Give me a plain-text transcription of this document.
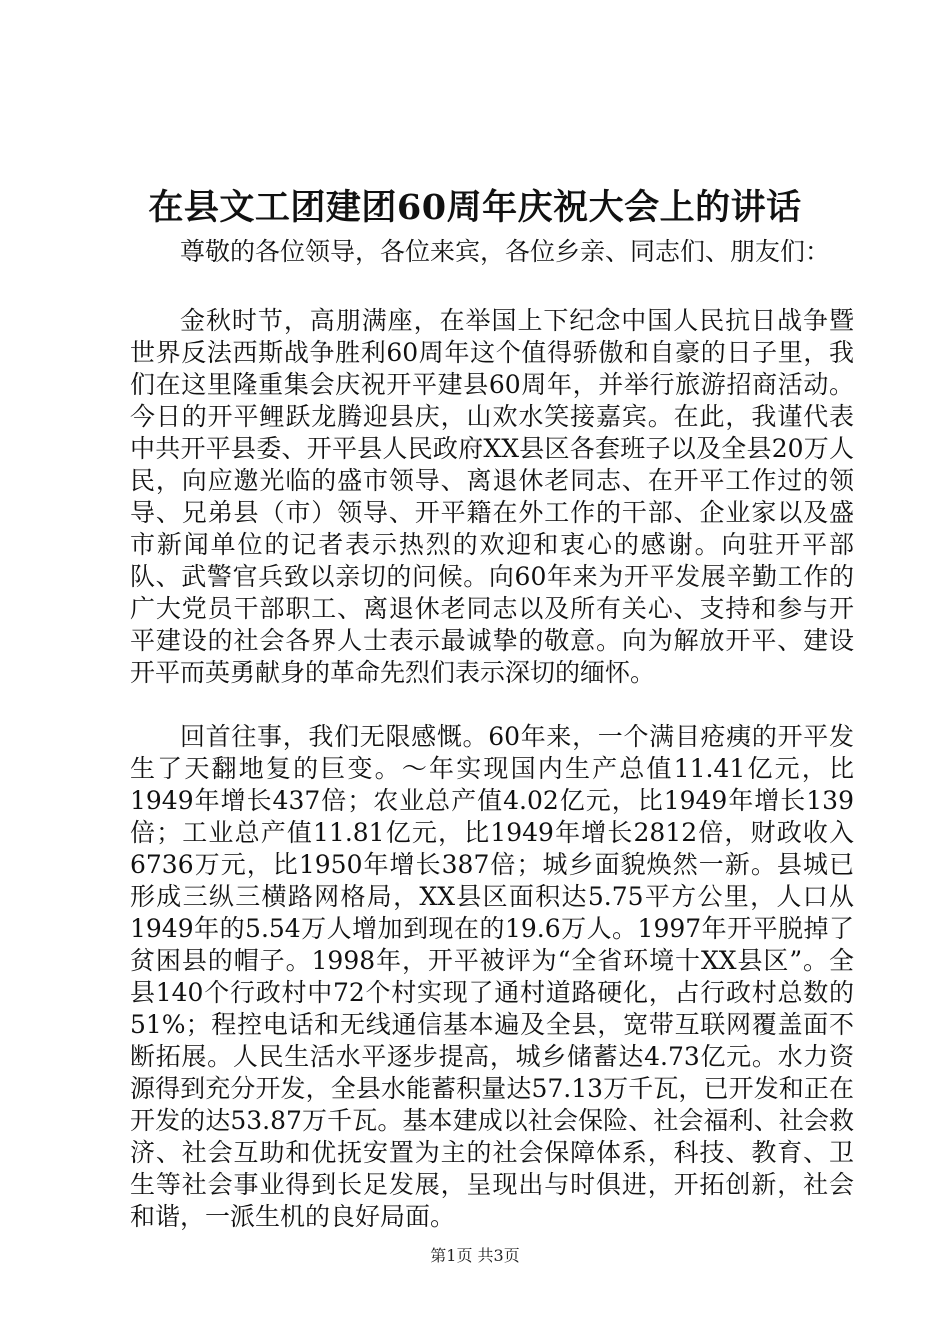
在县文工团建团60周年庆祝大会上的讲话

尊敬的各位领导，各位来宾，各位乡亲、同志们、朋友们：

金秋时节，高朋满座，在举国上下纪念中国人民抗日战争暨世界反法西斯战争胜利60周年这个值得骄傲和自豪的日子里，我们在这里隆重集会庆祝开平建县60周年，并举行旅游招商活动。今日的开平鲤跃龙腾迎县庆，山欢水笑接嘉宾。在此，我谨代表中共开平县委、开平县人民政府XX县区各套班子以及全县20万人民，向应邀光临的盛市领导、离退休老同志、在开平工作过的领导、兄弟县（市）领导、开平籍在外工作的干部、企业家以及盛市新闻单位的记者表示热烈的欢迎和衷心的感谢。向驻开平部队、武警官兵致以亲切的问候。向60年来为开平发展辛勤工作的广大党员干部职工、离退休老同志以及所有关心、支持和参与开平建设的社会各界人士表示最诚挚的敬意。向为解放开平、建设开平而英勇献身的革命先烈们表示深切的缅怀。

回首往事，我们无限感慨。60年来，一个满目疮痍的开平发生了天翻地复的巨变。～年实现国内生产总值11.41亿元，比1949年增长437倍；农业总产值4.02亿元，比1949年增长139倍；工业总产值11.81亿元，比1949年增长2812倍，财政收入6736万元，比1950年增长387倍；城乡面貌焕然一新。县城已形成三纵三横路网格局，XX县区面积达5.75平方公里，人口从1949年的5.54万人增加到现在的19.6万人。1997年开平脱掉了贫困县的帽子。1998年，开平被评为“全省环境十XX县区”。全县140个行政村中72个村实现了通村道路硬化，占行政村总数的51%；程控电话和无线通信基本遍及全县，宽带互联网覆盖面不断拓展。人民生活水平逐步提高，城乡储蓄达4.73亿元。水力资源得到充分开发，全县水能蓄积量达57.13万千瓦，已开发和正在开发的达53.87万千瓦。基本建成以社会保险、社会福利、社会救济、社会互助和优抚安置为主的社会保障体系，科技、教育、卫生等社会事业得到长足发展，呈现出与时俱进，开拓创新，社会和谐，一派生机的良好局面。

第1页 共3页
